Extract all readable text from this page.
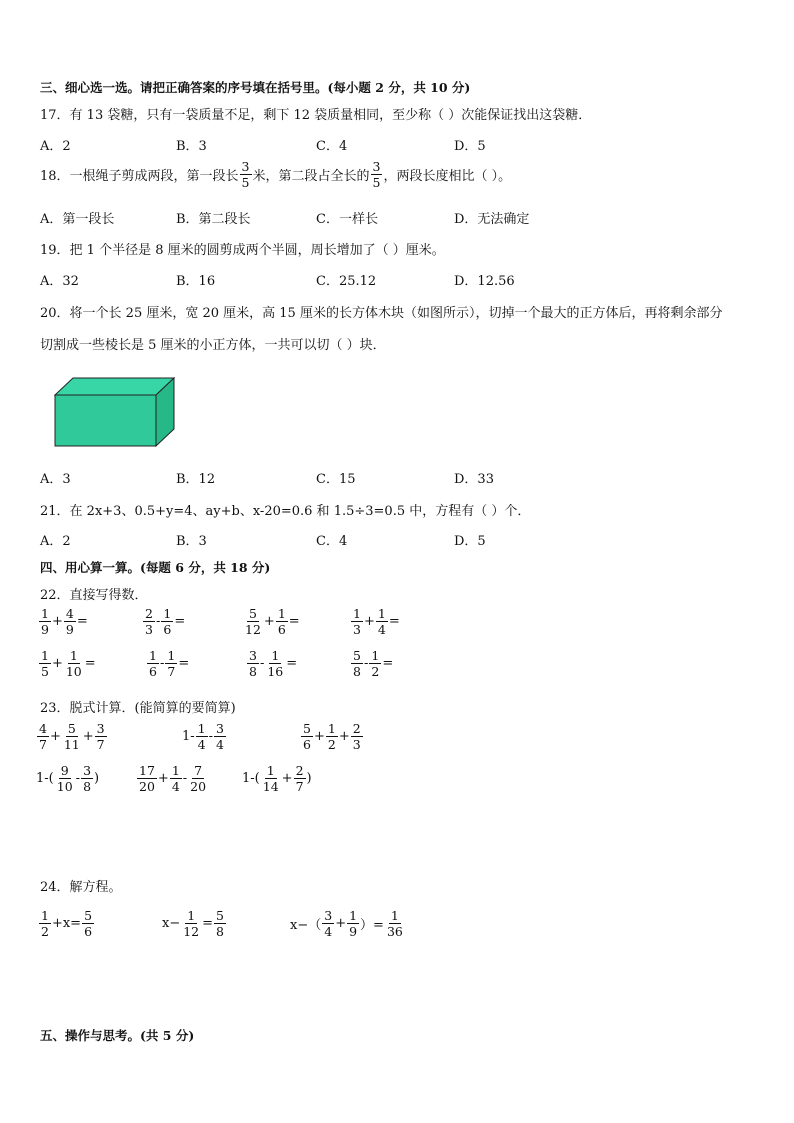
三、细心选一选。请把正确答案的序号填在括号里。(每小题 2 分，共 10 分)
17．有 13 袋糖，只有一袋质量不足，剩下 12 袋质量相同，至少称（ ）次能保证找出这袋糖．
A．2	B．3	C．4	D．5
18．一根绳子剪成两段，第一段长 $\frac{3}{5}$ 米，第二段占全长的 $\frac{3}{5}$ ，两段长度相比（ ）。
A．第一段长	B．第二段长	C．一样长	D．无法确定
19．把 1 个半径是 8 厘米的圆剪成两个半圆，周长增加了（ ）厘米。
A．32	B．16	C．25.12	D．12.56
20．将一个长 25 厘米，宽 20 厘米，高 15 厘米的长方体木块（如图所示），切掉一个最大的正方体后，再将剩余部分
切割成一些棱长是 5 厘米的小正方体，一共可以切（ ）块．
A．3	B．12	C．15	D．33
21．在 2x+3、0.5+y=4、ay+b、x-20=0.6 和 1.5÷3=0.5 中，方程有（ ）个．
A．2	B．3	C．4	D．5
四、用心算一算。(每题 6 分，共 18 分)
22．直接写得数．
$\frac{1}{9} + \frac{4}{9}$ =	$\frac{2}{3} - \frac{1}{6}$ =	$\frac{5}{12} + \frac{1}{6}$ =	$\frac{1}{3} + \frac{1}{4}$ =
$\frac{1}{5} + \frac{1}{10}$ =	$\frac{1}{6} - \frac{1}{7}$ =	$\frac{3}{8} - \frac{1}{16}$ =	$\frac{5}{8} - \frac{1}{2}$ =
23．脱式计算．(能简算的要简算)
$\frac{4}{7} + \frac{5}{11} + \frac{3}{7}$	$1- \frac{1}{4} - \frac{3}{4}$	$\frac{5}{6} + \frac{1}{2} + \frac{2}{3}$
$1-( \frac{9}{10} - \frac{3}{8}$ )	$\frac{17}{20} + \frac{1}{4} - \frac{7}{20}$	$1-( \frac{1}{14} + \frac{2}{7}$ )
24．解方程。
$\frac{1}{2} +x= \frac{5}{6}$	$x- \frac{1}{12} = \frac{5}{8}$	$x-( \frac{3}{4} + \frac{1}{9}$ ）= $\frac{1}{36}$
五、操作与思考。(共 5 分)
